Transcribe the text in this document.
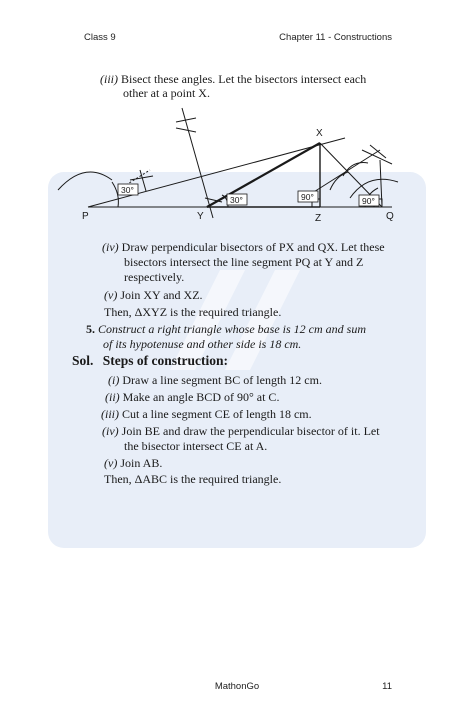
Class 9	Chapter 11 - Constructions
(iii) Bisect these angles. Let the bisectors intersect each
other at a point X.
30°
30°	90°	90°
P	Q
X
Y	Z
(iv) Draw perpendicular bisectors of PX and QX. Let these
bisectors intersect the line segment PQ at Y and Z
respectively.
(v) Join XY and XZ.
Then, ΔXYZ is the required triangle.
5. Construct a right triangle whose base is 12 cm and sum
of its hypotenuse and other side is 18 cm.
Sol. Steps of construction:
(i) Draw a line segment BC of length 12 cm.
(ii) Make an angle BCD of 90° at C.
(iii) Cut a line segment CE of length 18 cm.
(iv) Join BE and draw the perpendicular bisector of it. Let
the bisector intersect CE at A.
(v) Join AB.
Then, ΔABC is the required triangle.
MathonGo	11
